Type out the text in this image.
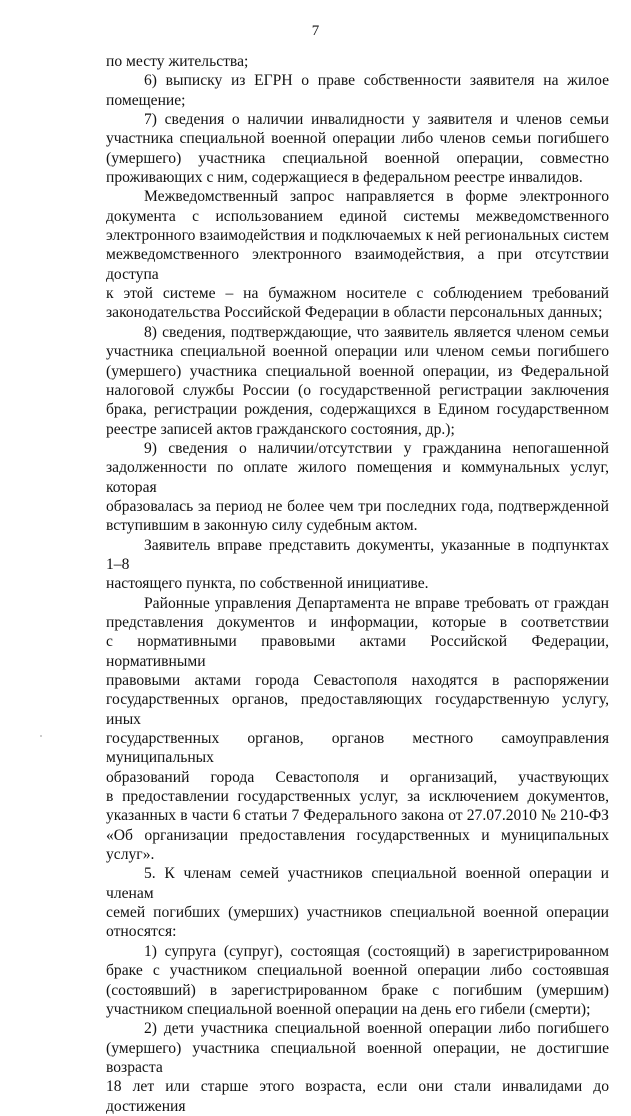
7

по месту жительства;

6) выписку из ЕГРН о праве собственности заявителя на жилое

помещение;

7) сведения о наличии инвалидности у заявителя и членов семьи

участника специальной военной операции либо членов семьи погибшего

(умершего) участника специальной военной операции, совместно

проживающих с ним, содержащиеся в федеральном реестре инвалидов.

Межведомственный запрос направляется в форме электронного

документа с использованием единой системы межведомственного

электронного взаимодействия и подключаемых к ней региональных систем

межведомственного электронного взаимодействия, а при отсутствии доступа

к этой системе – на бумажном носителе с соблюдением требований

законодательства Российской Федерации в области персональных данных;

8) сведения, подтверждающие, что заявитель является членом семьи

участника специальной военной операции или членом семьи погибшего

(умершего) участника специальной военной операции, из Федеральной

налоговой службы России (о государственной регистрации заключения

брака, регистрации рождения, содержащихся в Едином государственном

реестре записей актов гражданского состояния, др.);

9) сведения о наличии/отсутствии у гражданина непогашенной

задолженности по оплате жилого помещения и коммунальных услуг, которая

образовалась за период не более чем три последних года, подтвержденной

вступившим в законную силу судебным актом.

Заявитель вправе представить документы, указанные в подпунктах 1–8

настоящего пункта, по собственной инициативе.

Районные управления Департамента не вправе требовать от граждан

представления документов и информации, которые в соответствии

с нормативными правовыми актами Российской Федерации, нормативными

правовыми актами города Севастополя находятся в распоряжении

государственных органов, предоставляющих государственную услугу, иных

государственных органов, органов местного самоуправления муниципальных

образований города Севастополя и организаций, участвующих

в предоставлении государственных услуг, за исключением документов,

указанных в части 6 статьи 7 Федерального закона от 27.07.2010 № 210-ФЗ

«Об организации предоставления государственных и муниципальных услуг».

5. К членам семей участников специальной военной операции и членам

семей погибших (умерших) участников специальной военной операции

относятся:

1) супруга (супруг), состоящая (состоящий) в зарегистрированном

браке с участником специальной военной операции либо состоявшая

(состоявший) в зарегистрированном браке с погибшим (умершим)

участником специальной военной операции на день его гибели (смерти);

2) дети участника специальной военной операции либо погибшего

(умершего) участника специальной военной операции, не достигшие возраста

18 лет или старше этого возраста, если они стали инвалидами до достижения
